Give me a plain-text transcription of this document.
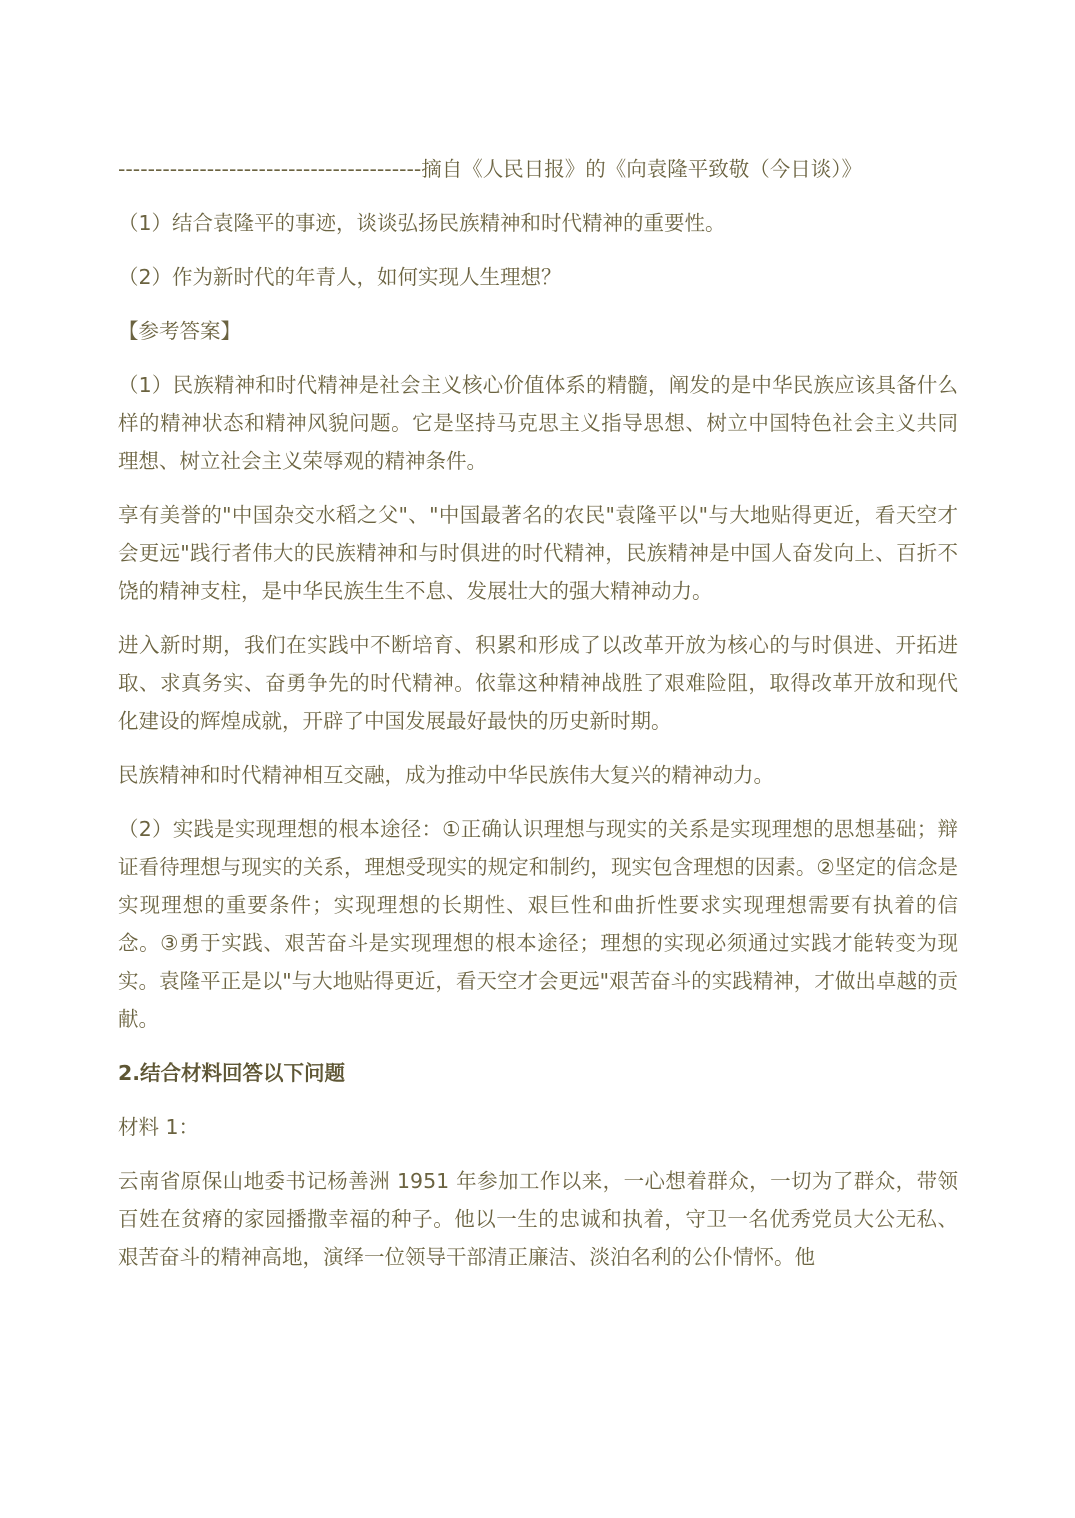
-----------------------------------------摘自《人民日报》的《向袁隆平致敬（今日谈）》

（1）结合袁隆平的事迹，谈谈弘扬民族精神和时代精神的重要性。

（2）作为新时代的年青人，如何实现人生理想？

【参考答案】

（1）民族精神和时代精神是社会主义核心价值体系的精髓，阐发的是中华民族应该具备什么样的精神状态和精神风貌问题。它是坚持马克思主义指导思想、树立中国特色社会主义共同理想、树立社会主义荣辱观的精神条件。

享有美誉的"中国杂交水稻之父"、"中国最著名的农民"袁隆平以"与大地贴得更近，看天空才会更远"践行者伟大的民族精神和与时俱进的时代精神，民族精神是中国人奋发向上、百折不饶的精神支柱，是中华民族生生不息、发展壮大的强大精神动力。

进入新时期，我们在实践中不断培育、积累和形成了以改革开放为核心的与时俱进、开拓进取、求真务实、奋勇争先的时代精神。依靠这种精神战胜了艰难险阻，取得改革开放和现代化建设的辉煌成就，开辟了中国发展最好最快的历史新时期。

民族精神和时代精神相互交融，成为推动中华民族伟大复兴的精神动力。

（2）实践是实现理想的根本途径：①正确认识理想与现实的关系是实现理想的思想基础；辩证看待理想与现实的关系，理想受现实的规定和制约，现实包含理想的因素。②坚定的信念是实现理想的重要条件；实现理想的长期性、艰巨性和曲折性要求实现理想需要有执着的信念。③勇于实践、艰苦奋斗是实现理想的根本途径；理想的实现必须通过实践才能转变为现实。袁隆平正是以"与大地贴得更近，看天空才会更远"艰苦奋斗的实践精神，才做出卓越的贡献。

2.结合材料回答以下问题

材料 1：

云南省原保山地委书记杨善洲 1951 年参加工作以来，一心想着群众，一切为了群众，带领百姓在贫瘠的家园播撒幸福的种子。他以一生的忠诚和执着，守卫一名优秀党员大公无私、艰苦奋斗的精神高地，演绎一位领导干部清正廉洁、淡泊名利的公仆情怀。他
